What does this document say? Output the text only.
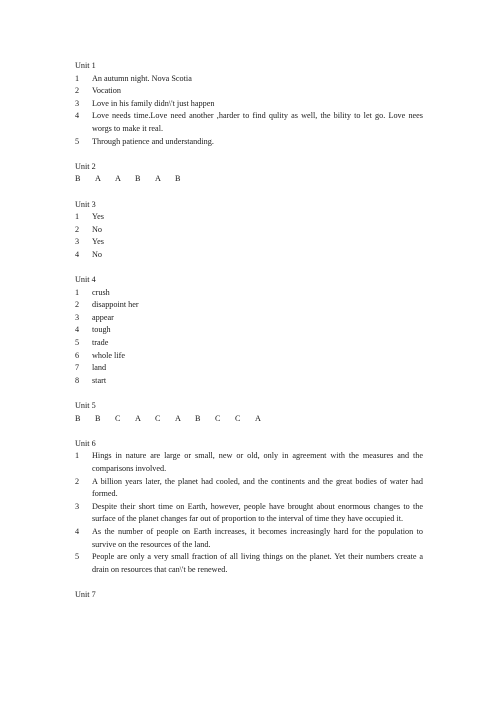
Unit 1
1	An autumn night. Nova Scotia
2	Vocation
3	Love in his family didn\'t just happen
4	Love needs time.Love need another ,harder to find qulity as well, the bility to let go. Love nees worgs to make it real.
5	Through patience and understanding.
Unit 2
B	A	A	B	A	B
Unit 3
1	Yes
2	No
3	Yes
4	No
Unit 4
1	crush
2	disappoint her
3	appear
4	tough
5	trade
6	whole life
7	land
8	start
Unit 5
B	B	C	A	C	A	B	C	C	A
Unit 6
1	Hings in nature are large or small, new or old, only in agreement with the measures and the comparisons involved.
2	A billion years later, the planet had cooled, and the continents and the great bodies of water had formed.
3	Despite their short time on Earth, however, people have brought about enormous changes to the surface of the planet changes far out of proportion to the interval of time they have occupied it.
4	As the number of people on Earth increases, it becomes increasingly hard for the population to survive on the resources of the land.
5	People are only a very small fraction of all living things on the planet. Yet their numbers create a drain on resources that can\'t be renewed.
Unit 7
